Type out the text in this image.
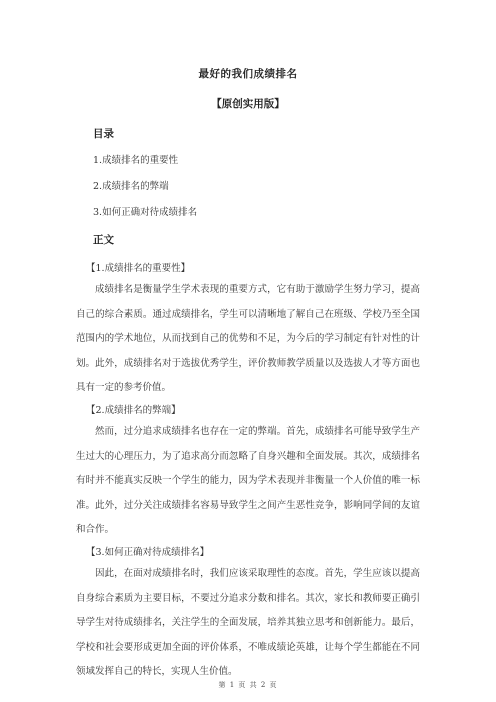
最好的我们成绩排名
【原创实用版】
目录
1.成绩排名的重要性
2.成绩排名的弊端
3.如何正确对待成绩排名
正文
【1.成绩排名的重要性】
成绩排名是衡量学生学术表现的重要方式，它有助于激励学生努力学习，提高自己的综合素质。通过成绩排名，学生可以清晰地了解自己在班级、学校乃至全国范围内的学术地位，从而找到自己的优势和不足，为今后的学习制定有针对性的计划。此外，成绩排名对于选拔优秀学生，评价教师教学质量以及选拔人才等方面也具有一定的参考价值。
【2.成绩排名的弊端】
然而，过分追求成绩排名也存在一定的弊端。首先，成绩排名可能导致学生产生过大的心理压力，为了追求高分而忽略了自身兴趣和全面发展。其次，成绩排名有时并不能真实反映一个学生的能力，因为学术表现并非衡量一个人价值的唯一标准。此外，过分关注成绩排名容易导致学生之间产生恶性竞争，影响同学间的友谊和合作。
【3.如何正确对待成绩排名】
因此，在面对成绩排名时，我们应该采取理性的态度。首先，学生应该以提高自身综合素质为主要目标，不要过分追求分数和排名。其次，家长和教师要正确引导学生对待成绩排名，关注学生的全面发展，培养其独立思考和创新能力。最后，学校和社会要形成更加全面的评价体系，不唯成绩论英雄，让每个学生都能在不同领域发挥自己的特长，实现人生价值。
第 1 页 共 2 页
